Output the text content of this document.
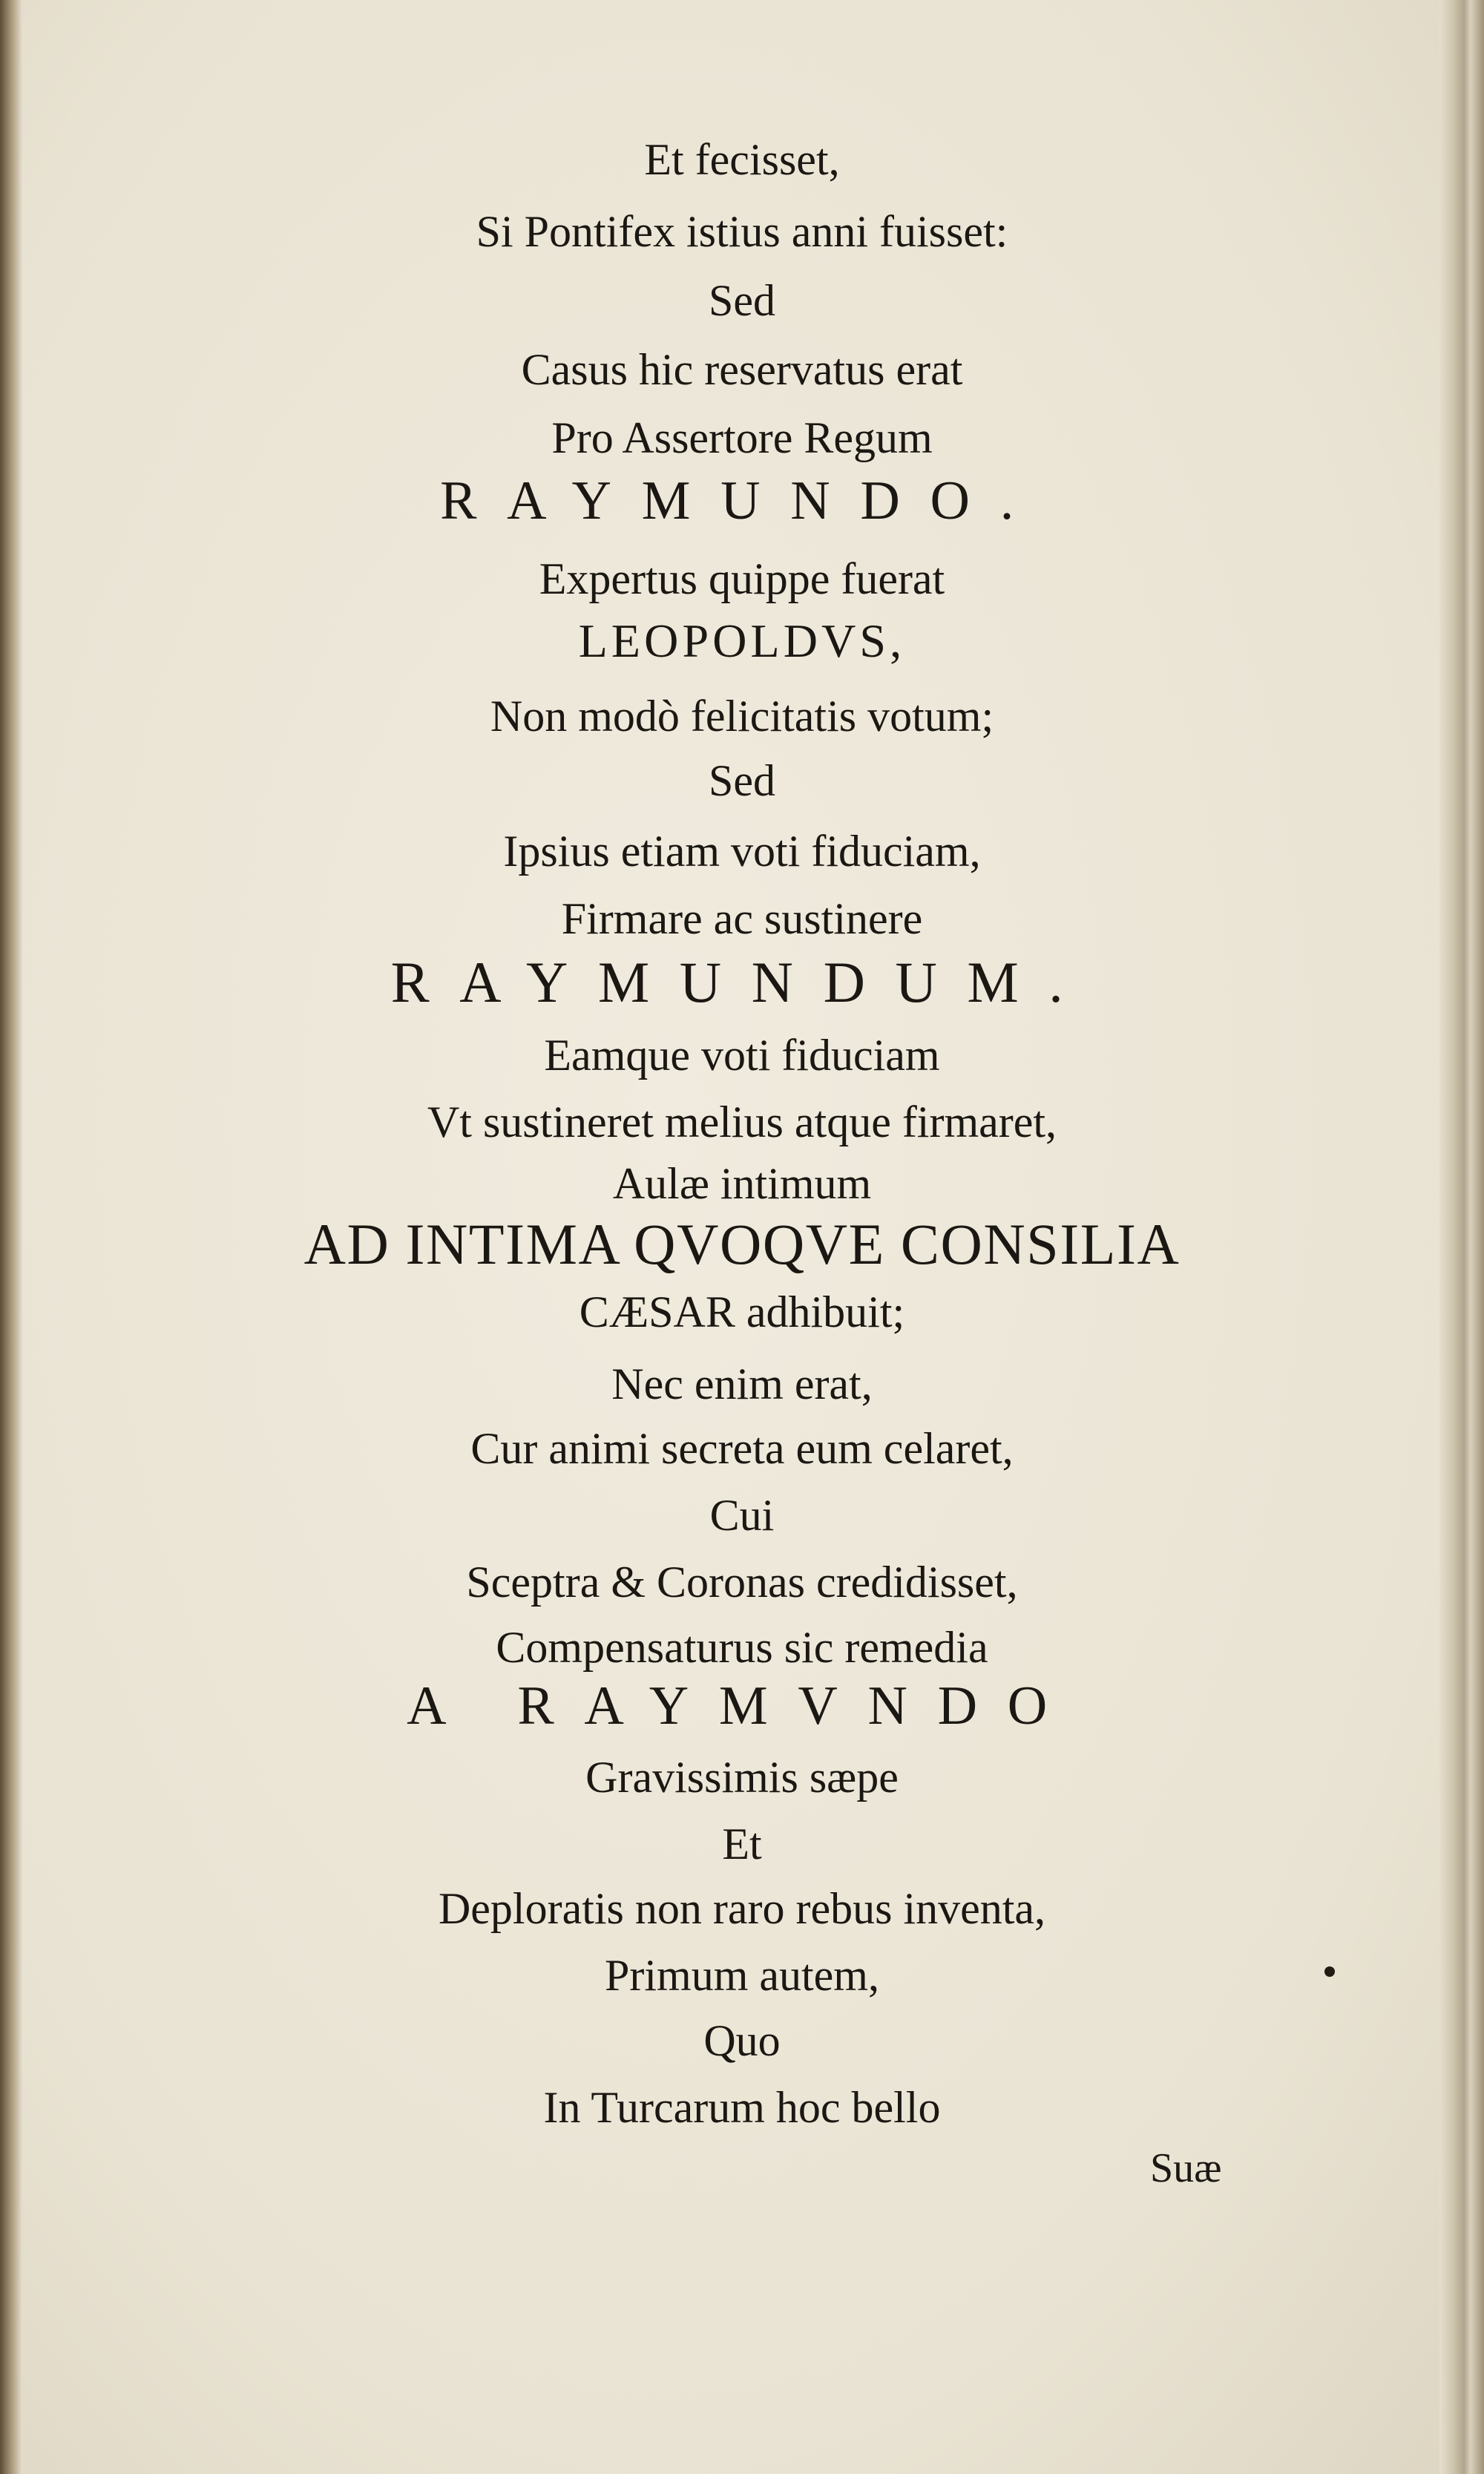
Et fecisset,
Si Pontifex istius anni fuisset:
Sed
Casus hic reservatus erat
Pro Assertore Regum
RAYMUNDO.
Expertus quippe fuerat
LEOPOLDVS,
Non modò felicitatis votum;
Sed
Ipsius etiam voti fiduciam,
Firmare ac sustinere
RAYMUNDUM.
Eamque voti fiduciam
Vt sustineret melius atque firmaret,
Aulæ intimum
AD INTIMA QVOQVE CONSILIA
CÆSAR adhibuit;
Nec enim erat,
Cur animi secreta eum celaret,
Cui
Sceptra & Coronas credidisset,
Compensaturus sic remedia
A RAYMVNDO
Gravissimis sæpe
Et
Deploratis non raro rebus inventa,
Primum autem,
Quo
In Turcarum hoc bello
Suæ
